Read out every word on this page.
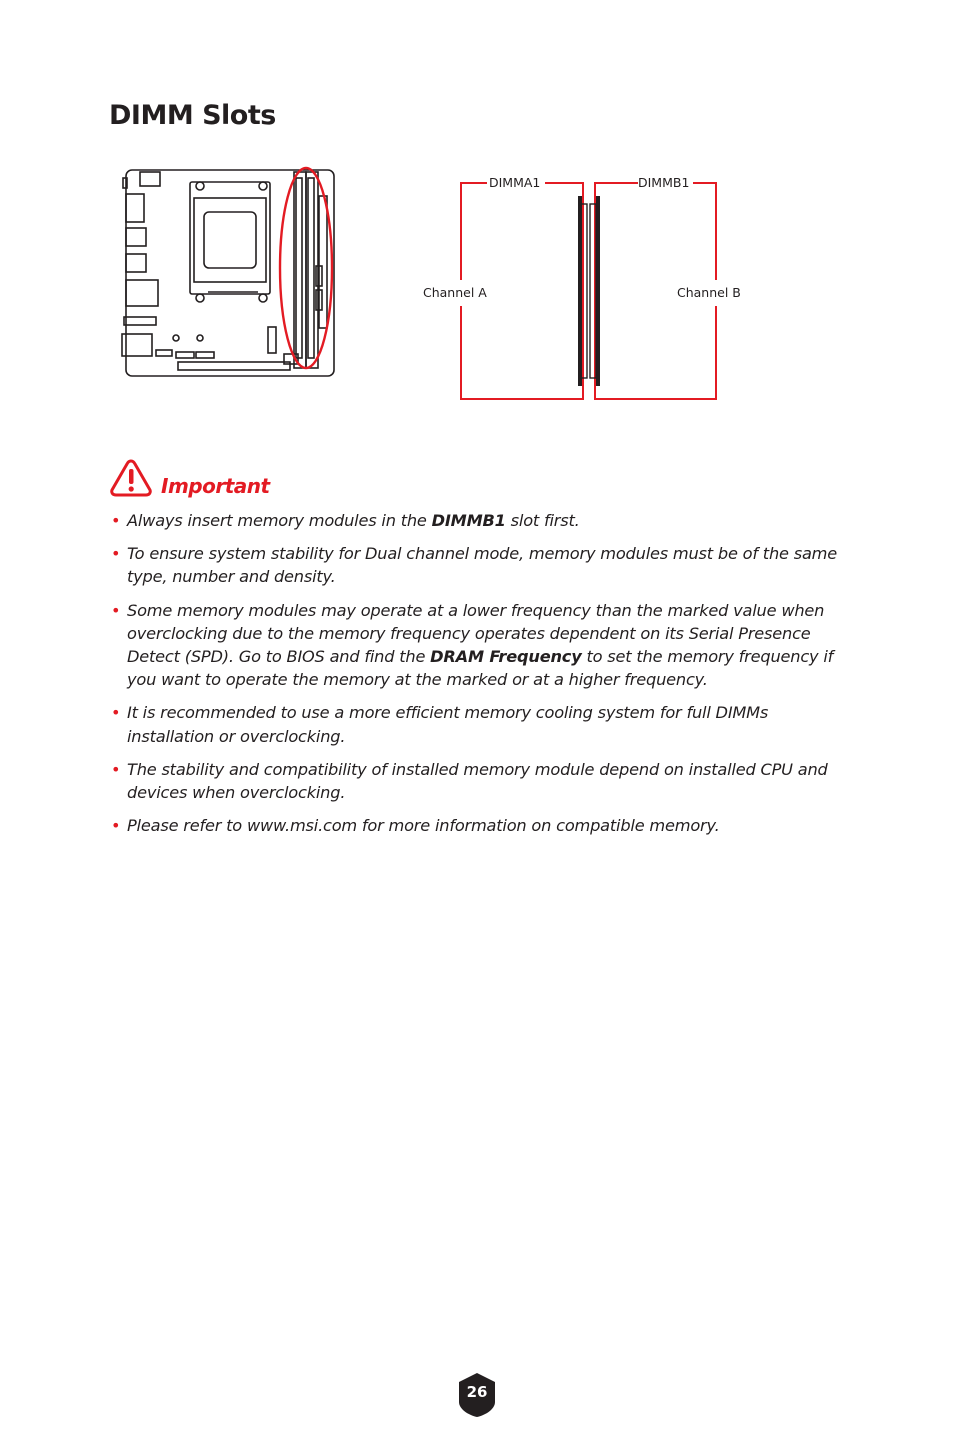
DIMM Slots
DIMMA1	DIMMB1
Channel A	Channel B
Important
• Always insert memory modules in the DIMMB1 slot first.
• To ensure system stability for Dual channel mode, memory modules must be of the same type, number and density.
• Some memory modules may operate at a lower frequency than the marked value when overclocking due to the memory frequency operates dependent on its Serial Presence Detect (SPD). Go to BIOS and find the DRAM Frequency to set the memory frequency if you want to operate the memory at the marked or at a higher frequency.
• It is recommended to use a more efficient memory cooling system for full DIMMs installation or overclocking.
• The stability and compatibility of installed memory module depend on installed CPU and devices when overclocking.
• Please refer to www.msi.com for more information on compatible memory.
26
